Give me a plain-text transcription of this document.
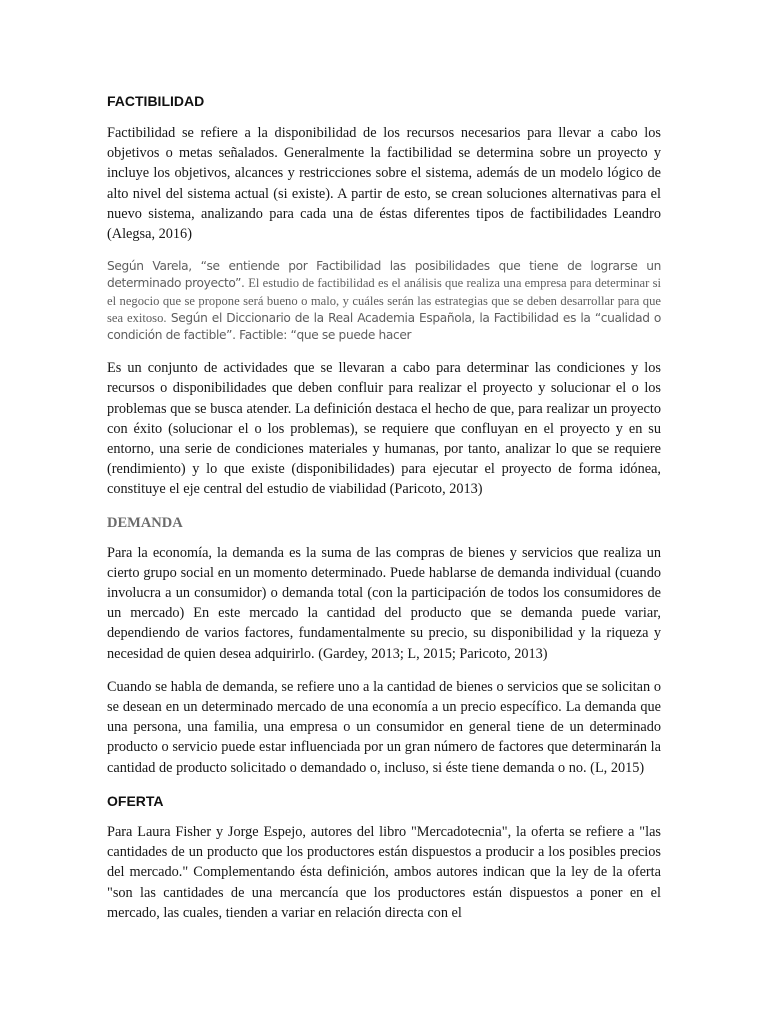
FACTIBILIDAD

Factibilidad se refiere a la disponibilidad de los recursos necesarios para llevar a cabo los objetivos o metas señalados. Generalmente la factibilidad se determina sobre un proyecto y incluye los objetivos, alcances y restricciones sobre el sistema, además de un modelo lógico de alto nivel del sistema actual (si existe). A partir de esto, se crean soluciones alternativas para el nuevo sistema, analizando para cada una de éstas diferentes tipos de factibilidades Leandro (Alegsa, 2016)

Según Varela, “se entiende por Factibilidad las posibilidades que tiene de lograrse un determinado proyecto”. El estudio de factibilidad es el análisis que realiza una empresa para determinar si el negocio que se propone será bueno o malo, y cuáles serán las estrategias que se deben desarrollar para que sea exitoso. Según el Diccionario de la Real Academia Española, la Factibilidad es la “cualidad o condición de factible”. Factible: “que se puede hacer

Es un conjunto de actividades que se llevaran a cabo para determinar las condiciones y los recursos o disponibilidades que deben confluir para realizar el proyecto y solucionar el o los problemas que se busca atender. La definición destaca el hecho de que, para realizar un proyecto con éxito (solucionar el o los problemas), se requiere que confluyan en el proyecto y en su entorno, una serie de condiciones materiales y humanas, por tanto, analizar lo que se requiere (rendimiento) y lo que existe (disponibilidades) para ejecutar el proyecto de forma idónea, constituye el eje central del estudio de viabilidad (Paricoto, 2013)

DEMANDA

Para la economía, la demanda es la suma de las compras de bienes y servicios que realiza un cierto grupo social en un momento determinado. Puede hablarse de demanda individual (cuando involucra a un consumidor) o demanda total (con la participación de todos los consumidores de un mercado) En este mercado la cantidad del producto que se demanda puede variar, dependiendo de varios factores, fundamentalmente su precio, su disponibilidad y la riqueza y necesidad de quien desea adquirirlo. (Gardey, 2013; L, 2015; Paricoto, 2013)

Cuando se habla de demanda, se refiere uno a la cantidad de bienes o servicios que se solicitan o se desean en un determinado mercado de una economía a un precio específico. La demanda que una persona, una familia, una empresa o un consumidor en general tiene de un determinado producto o servicio puede estar influenciada por un gran número de factores que determinarán la cantidad de producto solicitado o demandado o, incluso, si éste tiene demanda o no. (L, 2015)

OFERTA

Para Laura Fisher y Jorge Espejo, autores del libro "Mercadotecnia", la oferta se refiere a "las cantidades de un producto que los productores están dispuestos a producir a los posibles precios del mercado." Complementando ésta definición, ambos autores indican que la ley de la oferta "son las cantidades de una mercancía que los productores están dispuestos a poner en el mercado, las cuales, tienden a variar en relación directa con el
